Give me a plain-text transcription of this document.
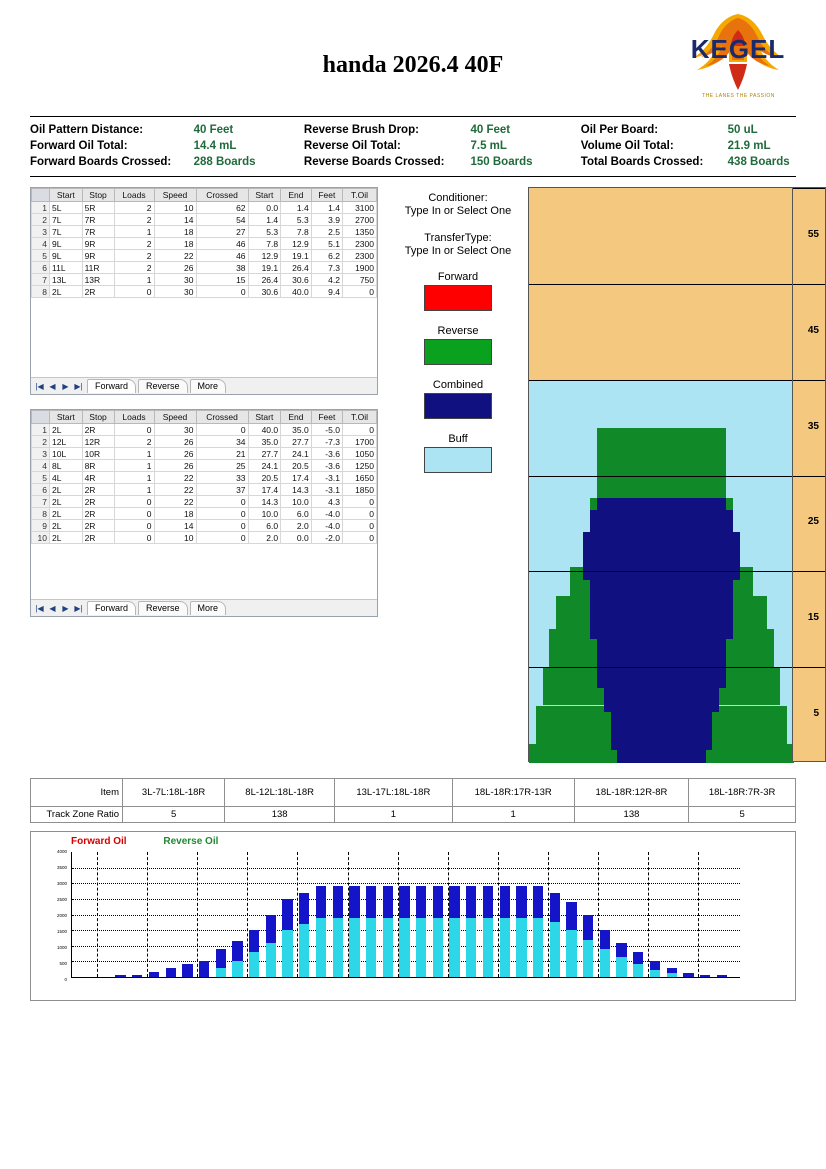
handa 2026.4 40F
KEGEL
THE LANES THE PASSION
Oil Pattern Distance:	40 Feet	Reverse Brush Drop:	40 Feet	Oil Per Board:	50 uL
Forward Oil Total:	14.4 mL	Reverse Oil Total:	7.5 mL	Volume Oil Total:	21.9 mL
Forward Boards Crossed:	288 Boards	Reverse Boards Crossed:	150 Boards	Total Boards Crossed:	438 Boards
	Start	Stop	Loads	Speed	Crossed	Start	End	Feet	T.Oil
1	5L	5R	2	10	62	0.0	1.4	1.4	3100
2	7L	7R	2	14	54	1.4	5.3	3.9	2700
3	7L	7R	1	18	27	5.3	7.8	2.5	1350
4	9L	9R	2	18	46	7.8	12.9	5.1	2300
5	9L	9R	2	22	46	12.9	19.1	6.2	2300
6	11L	11R	2	26	38	19.1	26.4	7.3	1900
7	13L	13R	1	30	15	26.4	30.6	4.2	750
8	2L	2R	0	30	0	30.6	40.0	9.4	0
|◀ ◀ ▶ ▶|	Forward	Reverse	More
	Start	Stop	Loads	Speed	Crossed	Start	End	Feet	T.Oil
1	2L	2R	0	30	0	40.0	35.0	-5.0	0
2	12L	12R	2	26	34	35.0	27.7	-7.3	1700
3	10L	10R	1	26	21	27.7	24.1	-3.6	1050
4	8L	8R	1	26	25	24.1	20.5	-3.6	1250
5	4L	4R	1	22	33	20.5	17.4	-3.1	1650
6	2L	2R	1	22	37	17.4	14.3	-3.1	1850
7	2L	2R	0	22	0	14.3	10.0	4.3	0
8	2L	2R	0	18	0	10.0	6.0	-4.0	0
9	2L	2R	0	14	0	6.0	2.0	-4.0	0
10	2L	2R	0	10	0	2.0	0.0	-2.0	0
|◀ ◀ ▶ ▶|	Forward	Reverse	More
Conditioner:
Type In or Select One
TransferType:
Type In or Select One
Forward
Reverse
Combined
Buff
55
45
35
25
15
5
Item	3L-7L:18L-18R	8L-12L:18L-18R	13L-17L:18L-18R	18L-18R:17R-13R	18L-18R:12R-8R	18L-18R:7R-3R
Track Zone Ratio	5	138	1	1	138	5
Forward Oil	Reverse Oil
4000
3500
3000
2500
2000
1500
1000
500
0
